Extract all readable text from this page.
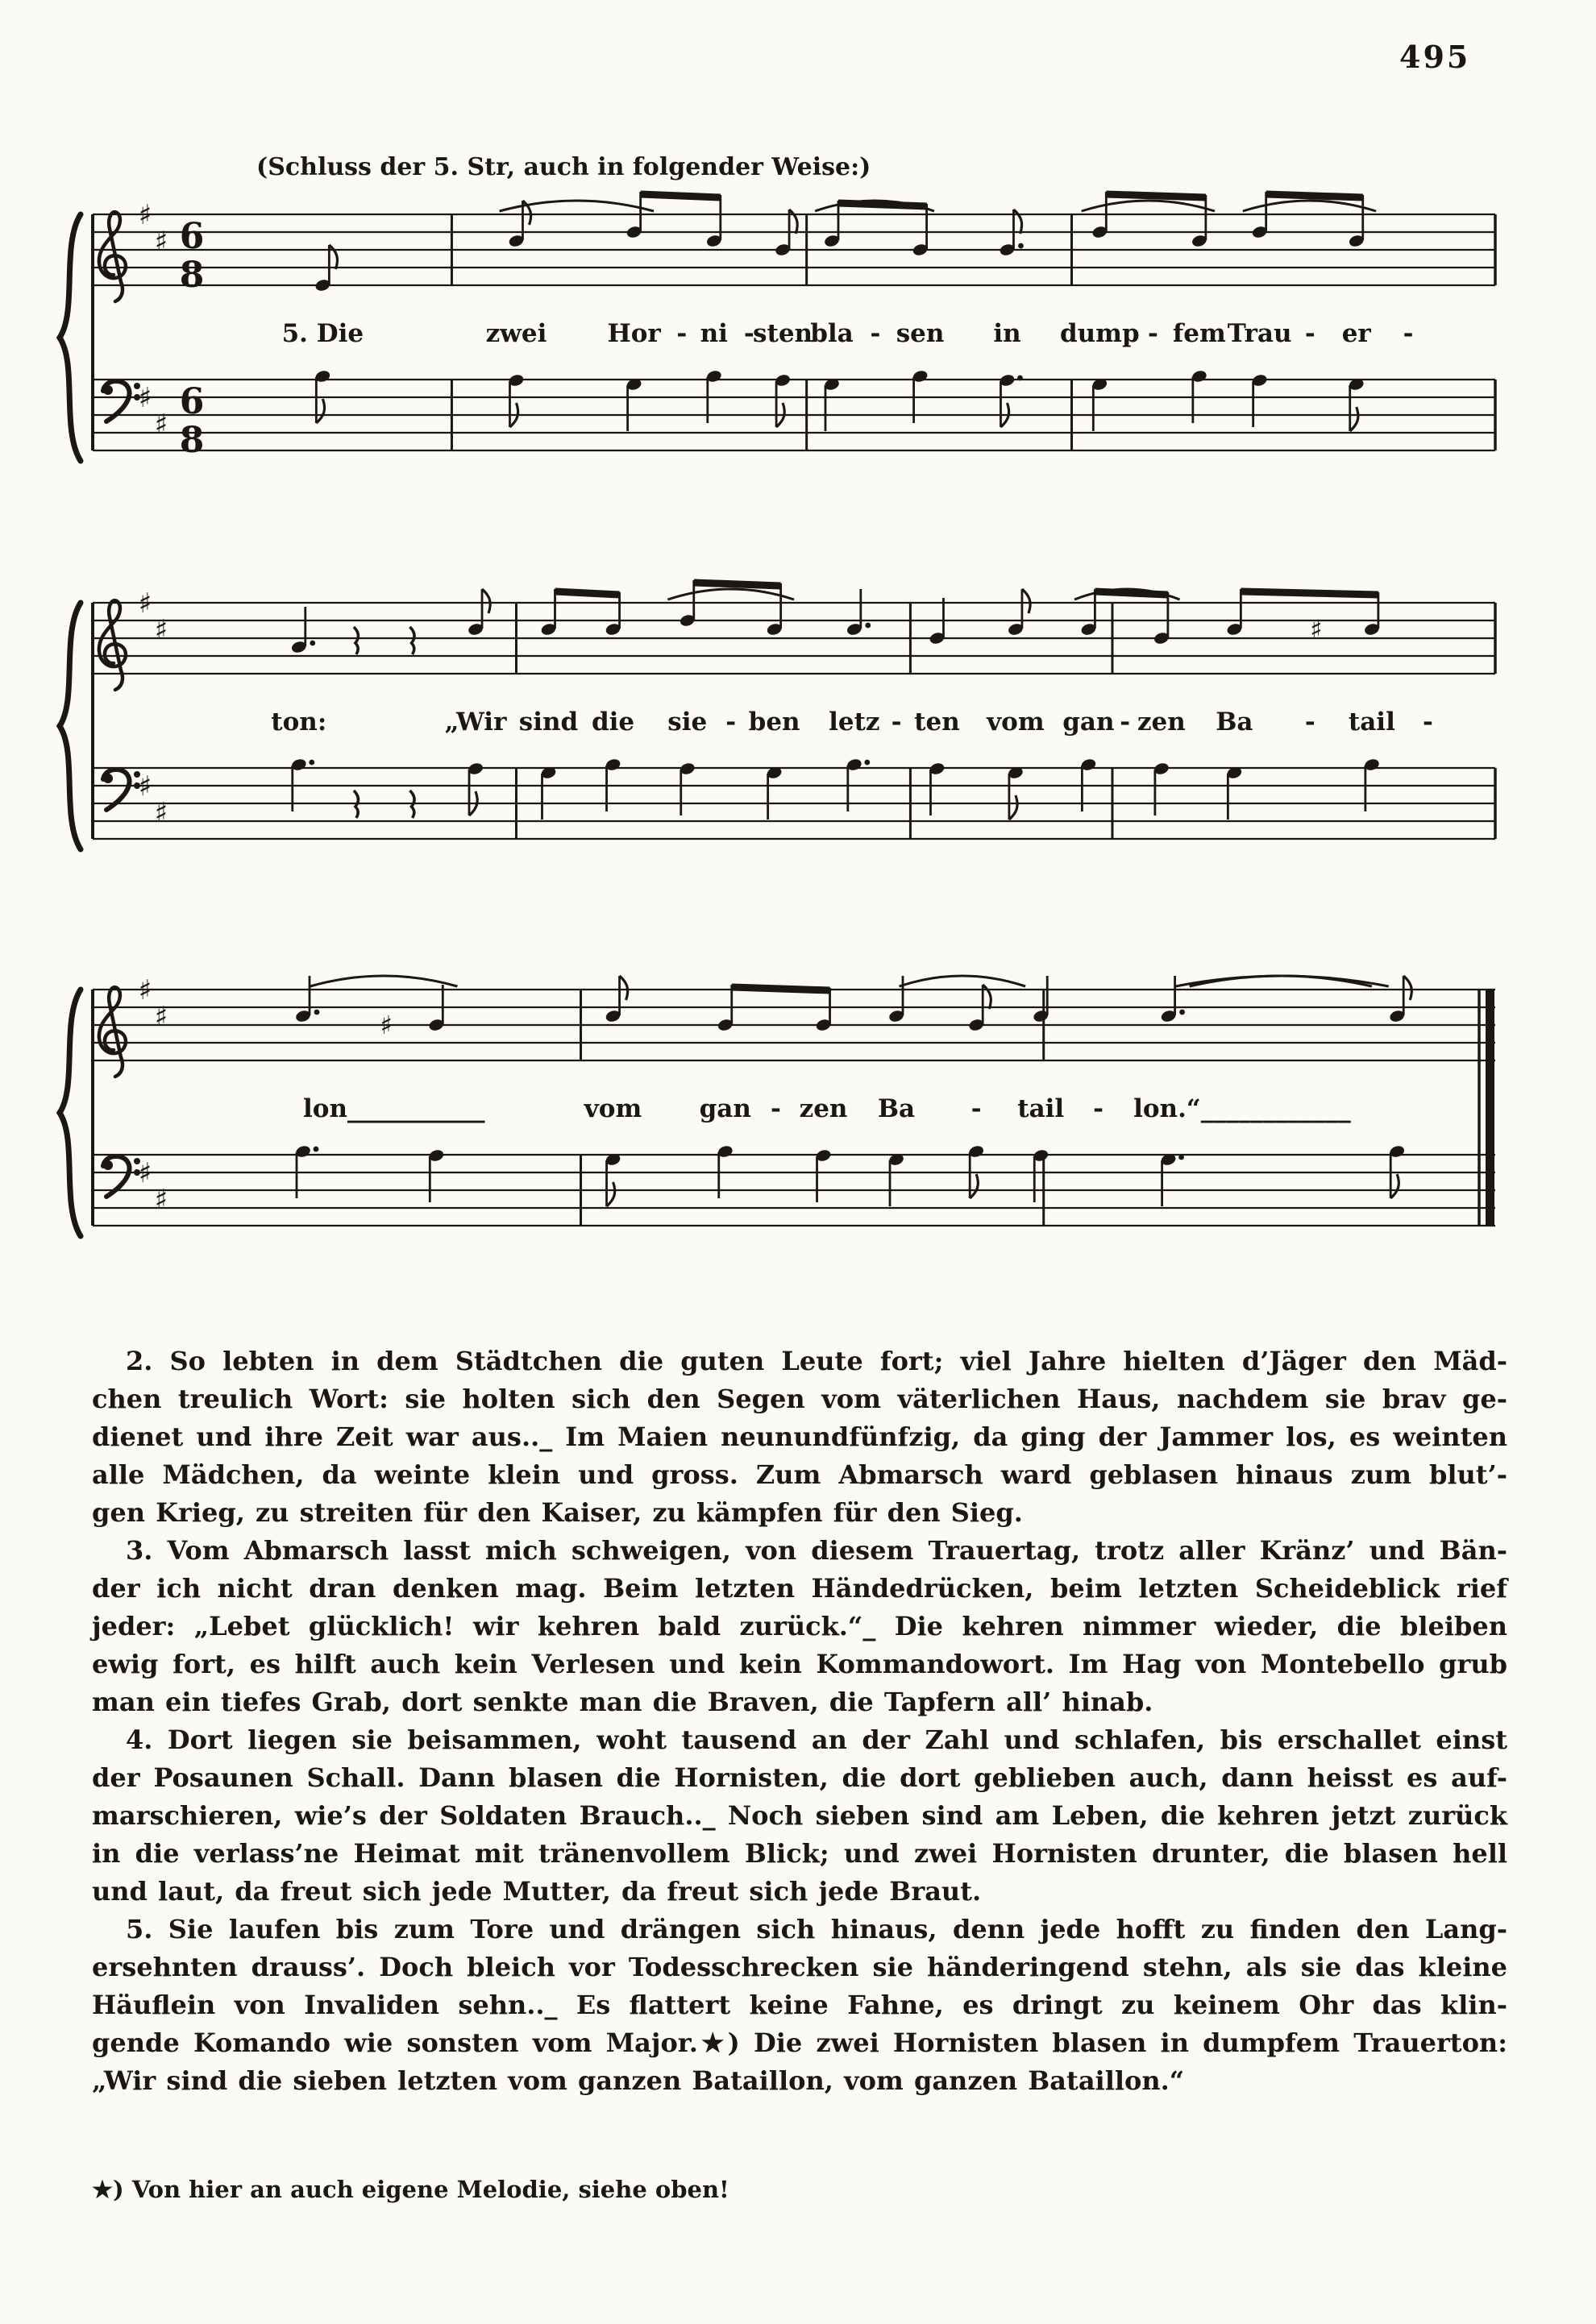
495
(Schluss der 5. Str, auch in folgender Weise:)
♯
♯
♯
♯
6
8
6
8
5. Die	zwei Hor - ni -
sten
bla - sen in dump - fem Trau - er -
♯
♯
♯
♯
♯
ton:	„Wir sind die sie - ben letz - ten vom gan - zen Ba - tail -
♯
♯
♯
♯
♯
lon___________	vom gan - zen Ba - tail - lon.“____________
2. So lebten in dem Städtchen die guten Leute fort; viel Jahre hielten d’Jäger den Mäd-
chen treulich Wort: sie holten sich den Segen vom väterlichen Haus, nachdem sie brav ge-
dienet und ihre Zeit war aus.._ Im Maien neunundfünfzig, da ging der Jammer los, es weinten
alle Mädchen, da weinte klein und gross. Zum Abmarsch ward geblasen hinaus zum blut’-
gen Krieg, zu streiten für den Kaiser, zu kämpfen für den Sieg.
3. Vom Abmarsch lasst mich schweigen, von diesem Trauertag, trotz aller Kränz’ und Bän-
der ich nicht dran denken mag. Beim letzten Händedrücken, beim letzten Scheideblick rief
jeder: „Lebet glücklich! wir kehren bald zurück.“_ Die kehren nimmer wieder, die bleiben
ewig fort, es hilft auch kein Verlesen und kein Kommandowort. Im Hag von Montebello grub
man ein tiefes Grab, dort senkte man die Braven, die Tapfern all’ hinab.
4. Dort liegen sie beisammen, woht tausend an der Zahl und schlafen, bis erschallet einst
der Posaunen Schall. Dann blasen die Hornisten, die dort geblieben auch, dann heisst es auf-
marschieren, wie’s der Soldaten Brauch.._ Noch sieben sind am Leben, die kehren jetzt zurück
in die verlass’ne Heimat mit tränenvollem Blick; und zwei Hornisten drunter, die blasen hell
und laut, da freut sich jede Mutter, da freut sich jede Braut.
5. Sie laufen bis zum Tore und drängen sich hinaus, denn jede hofft zu finden den Lang-
ersehnten drauss’. Doch bleich vor Todesschrecken sie händeringend stehn, als sie das kleine
Häuflein von Invaliden sehn.._ Es flattert keine Fahne, es dringt zu keinem Ohr das klin-
gende Komando wie sonsten vom Major.★) Die zwei Hornisten blasen in dumpfem Trauerton:
„Wir sind die sieben letzten vom ganzen Bataillon, vom ganzen Bataillon.“
★) Von hier an auch eigene Melodie, siehe oben!
